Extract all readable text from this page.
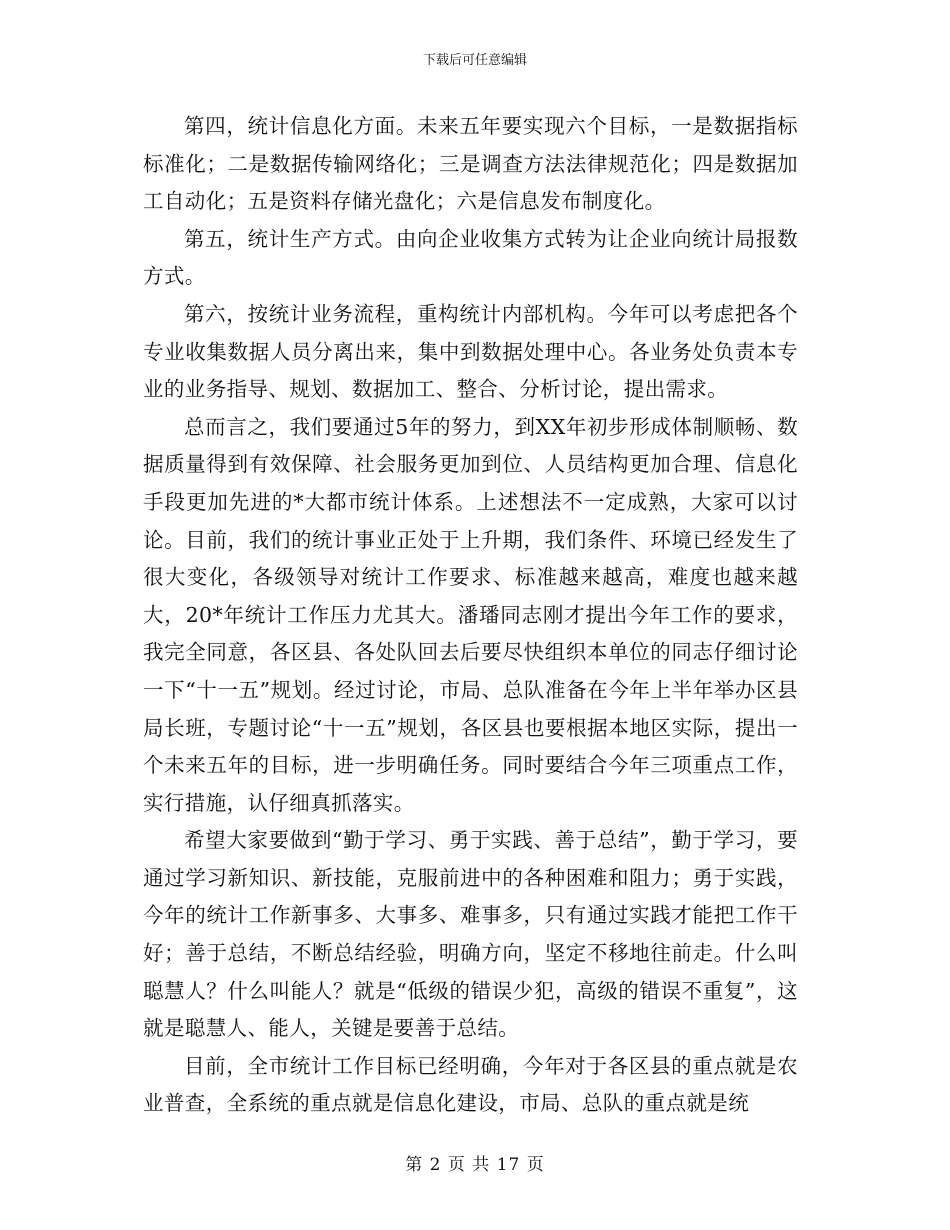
下载后可任意编辑

第四，统计信息化方面。未来五年要实现六个目标，一是数据指标标准化；二是数据传输网络化；三是调查方法法律规范化；四是数据加工自动化；五是资料存储光盘化；六是信息发布制度化。

第五，统计生产方式。由向企业收集方式转为让企业向统计局报数方式。

第六，按统计业务流程，重构统计内部机构。今年可以考虑把各个专业收集数据人员分离出来，集中到数据处理中心。各业务处负责本专业的业务指导、规划、数据加工、整合、分析讨论，提出需求。

总而言之，我们要通过5年的努力，到XX年初步形成体制顺畅、数据质量得到有效保障、社会服务更加到位、人员结构更加合理、信息化手段更加先进的*大都市统计体系。上述想法不一定成熟，大家可以讨论。目前，我们的统计事业正处于上升期，我们条件、环境已经发生了很大变化，各级领导对统计工作要求、标准越来越高，难度也越来越大，20*年统计工作压力尤其大。潘璠同志刚才提出今年工作的要求，我完全同意，各区县、各处队回去后要尽快组织本单位的同志仔细讨论一下“十一五”规划。经过讨论，市局、总队准备在今年上半年举办区县局长班，专题讨论“十一五”规划，各区县也要根据本地区实际，提出一个未来五年的目标，进一步明确任务。同时要结合今年三项重点工作，实行措施，认仔细真抓落实。

希望大家要做到“勤于学习、勇于实践、善于总结”，勤于学习，要通过学习新知识、新技能，克服前进中的各种困难和阻力；勇于实践，今年的统计工作新事多、大事多、难事多，只有通过实践才能把工作干好；善于总结，不断总结经验，明确方向，坚定不移地往前走。什么叫聪慧人？什么叫能人？就是“低级的错误少犯，高级的错误不重复”，这就是聪慧人、能人，关键是要善于总结。

目前，全市统计工作目标已经明确，今年对于各区县的重点就是农业普查，全系统的重点就是信息化建设，市局、总队的重点就是统

第 2 页 共 17 页
